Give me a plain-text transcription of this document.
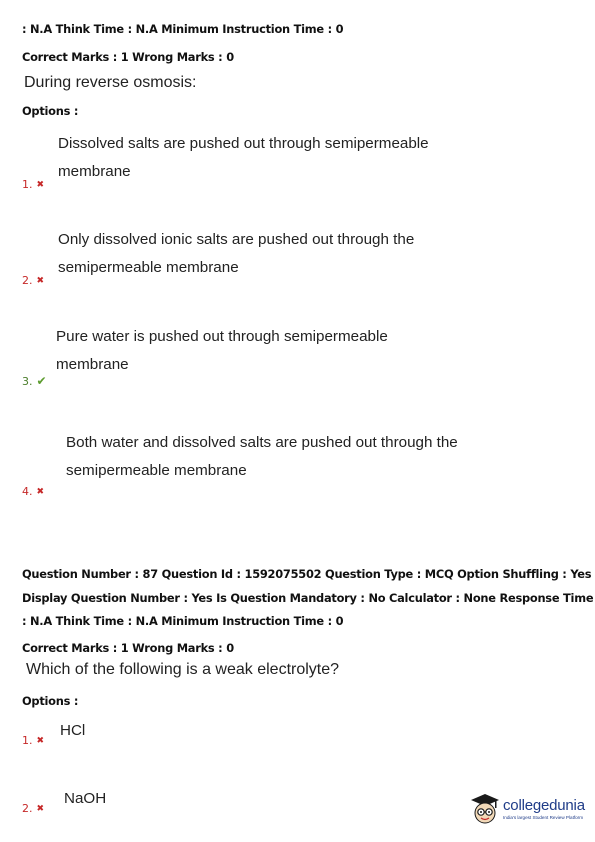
: N.A Think Time : N.A Minimum Instruction Time : 0
Correct Marks : 1 Wrong Marks : 0
During reverse osmosis:
Options :
Dissolved salts are pushed out through semipermeable membrane
1. ✖
Only dissolved ionic salts are pushed out through the semipermeable membrane
2. ✖
Pure water is pushed out through semipermeable membrane
3. ✔
Both water and dissolved salts are pushed out through the semipermeable membrane
4. ✖
Question Number : 87 Question Id : 1592075502 Question Type : MCQ Option Shuffling : Yes
Display Question Number : Yes Is Question Mandatory : No Calculator : None Response Time
: N.A Think Time : N.A Minimum Instruction Time : 0
Correct Marks : 1 Wrong Marks : 0
Which of the following is a weak electrolyte?
Options :
HCl
1. ✖
NaOH
2. ✖	collegedunia
India's largest Student Review Platform
